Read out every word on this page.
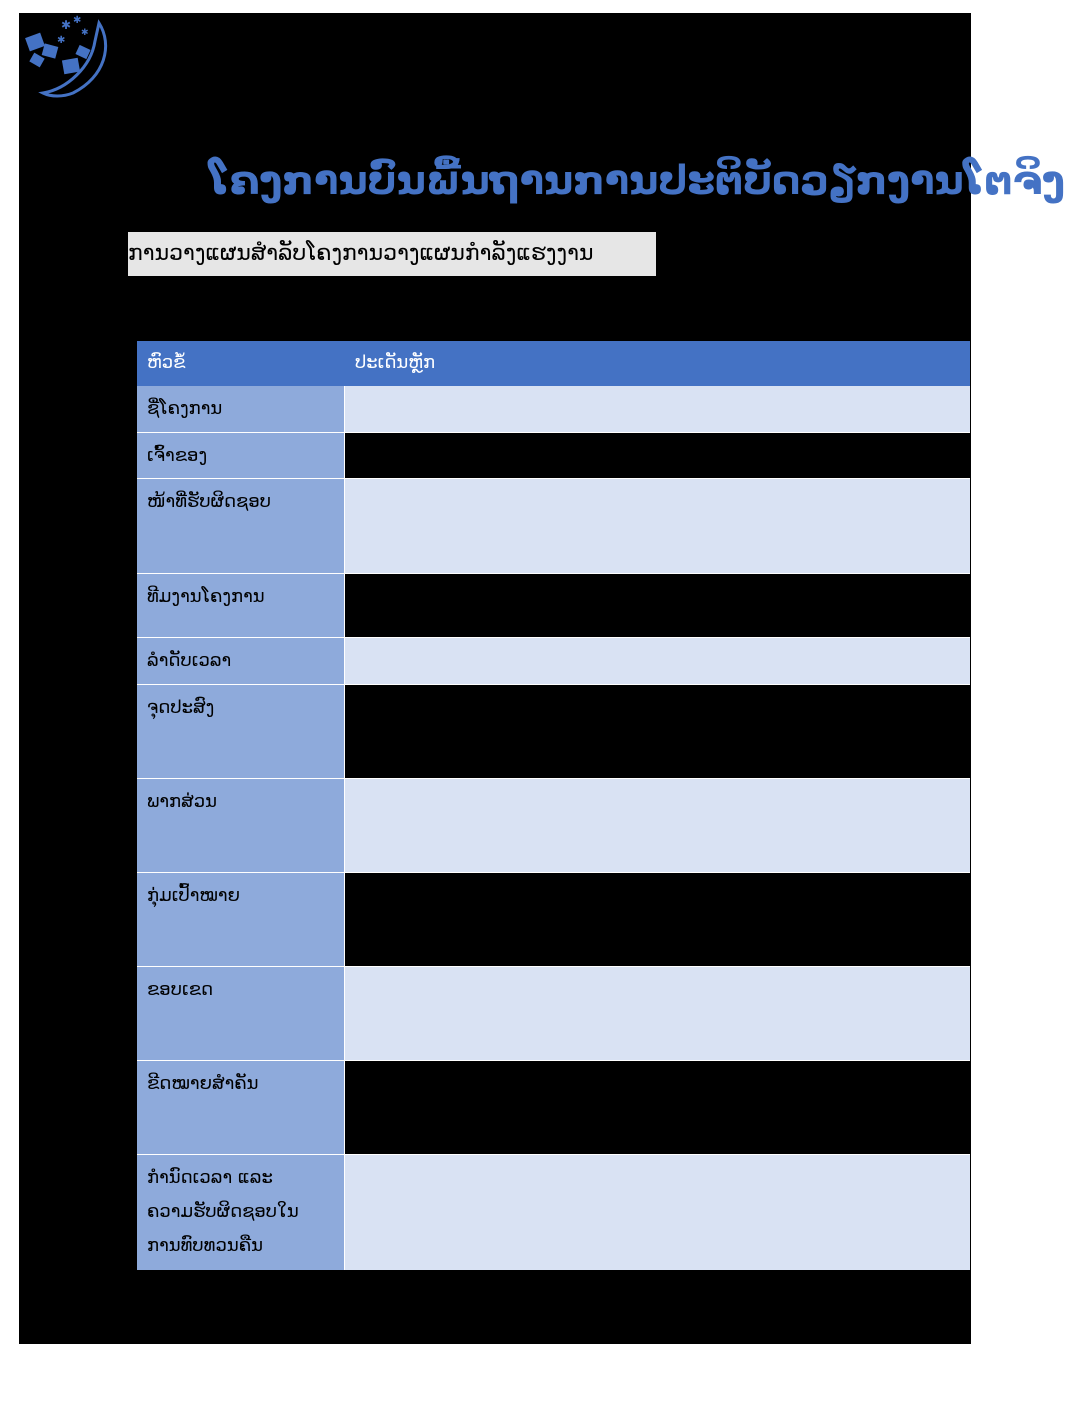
✱ ✱
✱
✱
ໂຄງການບົນພື້ນຖານການປະຕິບັດວຽກງານໂຕຈິງ
ການວາງແຜນສຳລັບໂຄງການວາງແຜນກຳລັງແຮງງານ
ຫົວຂໍ້	ປະເດັນຫຼັກ
ຊື່ໂຄງການ
ເຈົ້າຂອງ
ໜ້າທີ່ຮັບຜິດຊອບ
ທີມງານໂຄງການ
ລຳດັບເວລາ
ຈຸດປະສົງ
ພາກສ່ວນ
ກຸ່ມເປົ້າໝາຍ
ຂອບເຂດ
ຂີດໝາຍສຳຄັນ
ກຳນົດເວລາ ແລະ
ຄວາມຮັບຜິດຊອບໃນ
ການທົບທວນຄືນ
